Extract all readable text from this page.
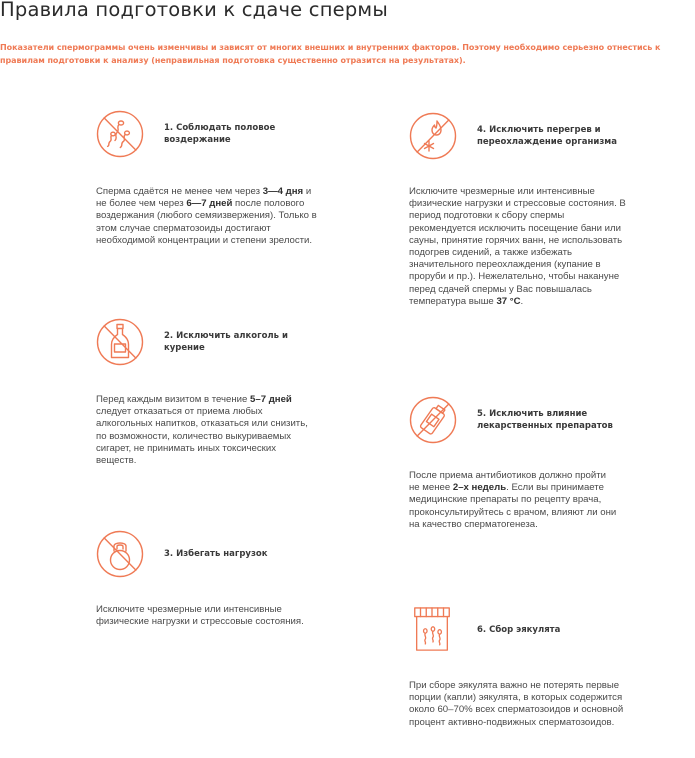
Правила подготовки к сдаче спермы

Показатели спермограммы очень изменчивы и зависят от многих внешних и внутренних факторов. Поэтому необходимо серьезно отнестись к правилам подготовки к анализу (неправильная подготовка существенно отразится на результатах).

1. Соблюдать половое воздержание

Сперма сдаётся не менее чем через 3—4 дня и не более чем через 6—7 дней после полового воздержания (любого семяизвержения). Только в этом случае сперматозоиды достигают необходимой концентрации и степени зрелости.

2. Исключить алкоголь и курение

Перед каждым визитом в течение 5–7 дней следует отказаться от приема любых алкогольных напитков, отказаться или снизить, по возможности, количество выкуриваемых сигарет, не принимать иных токсических веществ.

3. Избегать нагрузок

Исключите чрезмерные или интенсивные физические нагрузки и стрессовые состояния.

4. Исключить перегрев и переохлаждение организма

Исключите чрезмерные или интенсивные физические нагрузки и стрессовые состояния. В период подготовки к сбору спермы рекомендуется исключить посещение бани или сауны, принятие горячих ванн, не использовать подогрев сидений, а также избежать значительного переохлаждения (купание в проруби и пр.). Нежелательно, чтобы накануне перед сдачей спермы у Вас повышалась температура выше 37 °C.

5. Исключить влияние лекарственных препаратов

После приема антибиотиков должно пройти не менее 2–х недель. Если вы принимаете медицинские препараты по рецепту врача, проконсультируйтесь с врачом, влияют ли они на качество сперматогенеза.

6. Сбор эякулята

При сборе эякулята важно не потерять первые порции (капли) эякулята, в которых содержится около 60–70% всех сперматозоидов и основной процент активно-подвижных сперматозоидов.
